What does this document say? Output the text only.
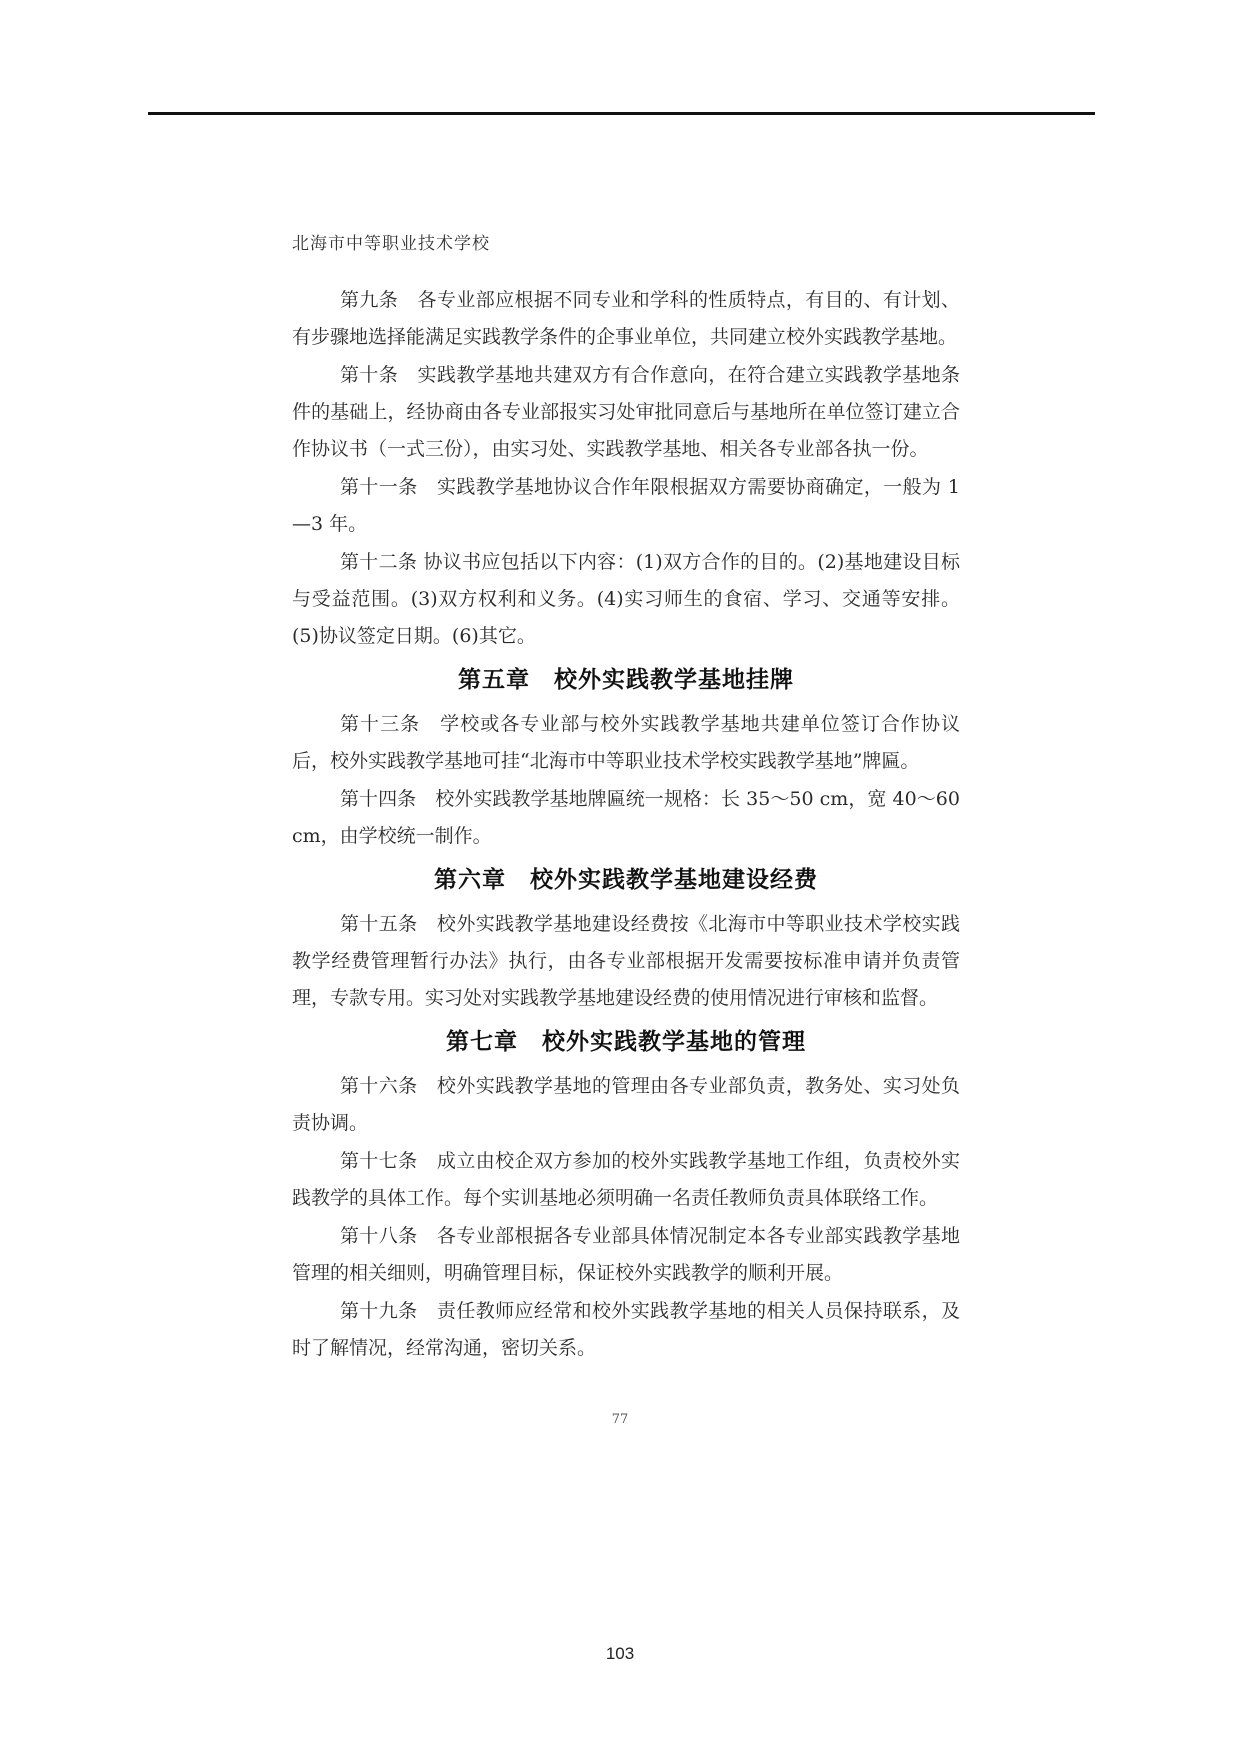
北海市中等职业技术学校

第九条　各专业部应根据不同专业和学科的性质特点，有目的、有计划、有步骤地选择能满足实践教学条件的企事业单位，共同建立校外实践教学基地。

第十条　实践教学基地共建双方有合作意向，在符合建立实践教学基地条件的基础上，经协商由各专业部报实习处审批同意后与基地所在单位签订建立合作协议书（一式三份），由实习处、实践教学基地、相关各专业部各执一份。

第十一条　实践教学基地协议合作年限根据双方需要协商确定，一般为 1—3 年。

第十二条 协议书应包括以下内容：(1)双方合作的目的。(2)基地建设目标与受益范围。(3)双方权利和义务。(4)实习师生的食宿、学习、交通等安排。(5)协议签定日期。(6)其它。

第五章　校外实践教学基地挂牌

第十三条　学校或各专业部与校外实践教学基地共建单位签订合作协议后，校外实践教学基地可挂“北海市中等职业技术学校实践教学基地”牌匾。

第十四条　校外实践教学基地牌匾统一规格：长 35～50 cm，宽 40～60 cm，由学校统一制作。

第六章　校外实践教学基地建设经费

第十五条　校外实践教学基地建设经费按《北海市中等职业技术学校实践教学经费管理暂行办法》执行，由各专业部根据开发需要按标准申请并负责管理，专款专用。实习处对实践教学基地建设经费的使用情况进行审核和监督。

第七章　校外实践教学基地的管理

第十六条　校外实践教学基地的管理由各专业部负责，教务处、实习处负责协调。

第十七条　成立由校企双方参加的校外实践教学基地工作组，负责校外实践教学的具体工作。每个实训基地必须明确一名责任教师负责具体联络工作。

第十八条　各专业部根据各专业部具体情况制定本各专业部实践教学基地管理的相关细则，明确管理目标，保证校外实践教学的顺利开展。

第十九条　责任教师应经常和校外实践教学基地的相关人员保持联系，及时了解情况，经常沟通，密切关系。

77
103
